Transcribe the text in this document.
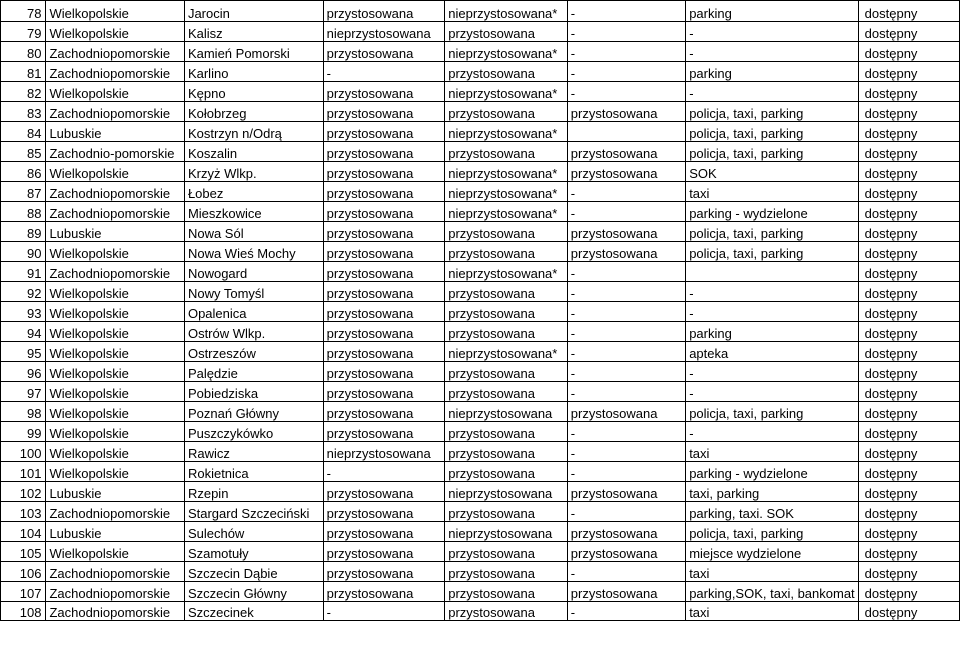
78	Wielkopolskie	Jarocin	przystosowana	nieprzystosowana*	-	parking	dostępny
79	Wielkopolskie	Kalisz	nieprzystosowana	przystosowana	-	-	dostępny
80	Zachodniopomorskie	Kamień Pomorski	przystosowana	nieprzystosowana*	-	-	dostępny
81	Zachodniopomorskie	Karlino	-	przystosowana	-	parking	dostępny
82	Wielkopolskie	Kępno	przystosowana	nieprzystosowana*	-	-	dostępny
83	Zachodniopomorskie	Kołobrzeg	przystosowana	przystosowana	przystosowana	policja, taxi, parking	dostępny
84	Lubuskie	Kostrzyn n/Odrą	przystosowana	nieprzystosowana*		policja, taxi, parking	dostępny
85	Zachodnio-pomorskie	Koszalin	przystosowana	przystosowana	przystosowana	policja, taxi, parking	dostępny
86	Wielkopolskie	Krzyż Wlkp.	przystosowana	nieprzystosowana*	przystosowana	SOK	dostępny
87	Zachodniopomorskie	Łobez	przystosowana	nieprzystosowana*	-	taxi	dostępny
88	Zachodniopomorskie	Mieszkowice	przystosowana	nieprzystosowana*	-	parking - wydzielone	dostępny
89	Lubuskie	Nowa Sól	przystosowana	przystosowana	przystosowana	policja, taxi, parking	dostępny
90	Wielkopolskie	Nowa Wieś Mochy	przystosowana	przystosowana	przystosowana	policja, taxi, parking	dostępny
91	Zachodniopomorskie	Nowogard	przystosowana	nieprzystosowana*	-		dostępny
92	Wielkopolskie	Nowy Tomyśl	przystosowana	przystosowana	-	-	dostępny
93	Wielkopolskie	Opalenica	przystosowana	przystosowana	-	-	dostępny
94	Wielkopolskie	Ostrów Wlkp.	przystosowana	przystosowana	-	parking	dostępny
95	Wielkopolskie	Ostrzeszów	przystosowana	nieprzystosowana*	-	apteka	dostępny
96	Wielkopolskie	Palędzie	przystosowana	przystosowana	-	-	dostępny
97	Wielkopolskie	Pobiedziska	przystosowana	przystosowana	-	-	dostępny
98	Wielkopolskie	Poznań Główny	przystosowana	nieprzystosowana	przystosowana	policja, taxi, parking	dostępny
99	Wielkopolskie	Puszczykówko	przystosowana	przystosowana	-	-	dostępny
100	Wielkopolskie	Rawicz	nieprzystosowana	przystosowana	-	taxi	dostępny
101	Wielkopolskie	Rokietnica	-	przystosowana	-	parking - wydzielone	dostępny
102	Lubuskie	Rzepin	przystosowana	nieprzystosowana	przystosowana	taxi, parking	dostępny
103	Zachodniopomorskie	Stargard Szczeciński	przystosowana	przystosowana	-	parking, taxi. SOK	dostępny
104	Lubuskie	Sulechów	przystosowana	nieprzystosowana	przystosowana	policja, taxi, parking	dostępny
105	Wielkopolskie	Szamotuły	przystosowana	przystosowana	przystosowana	miejsce wydzielone	dostępny
106	Zachodniopomorskie	Szczecin Dąbie	przystosowana	przystosowana	-	taxi	dostępny
107	Zachodniopomorskie	Szczecin Główny	przystosowana	przystosowana	przystosowana	parking,SOK, taxi, bankomat	dostępny
108	Zachodniopomorskie	Szczecinek	-	przystosowana	-	taxi	dostępny
